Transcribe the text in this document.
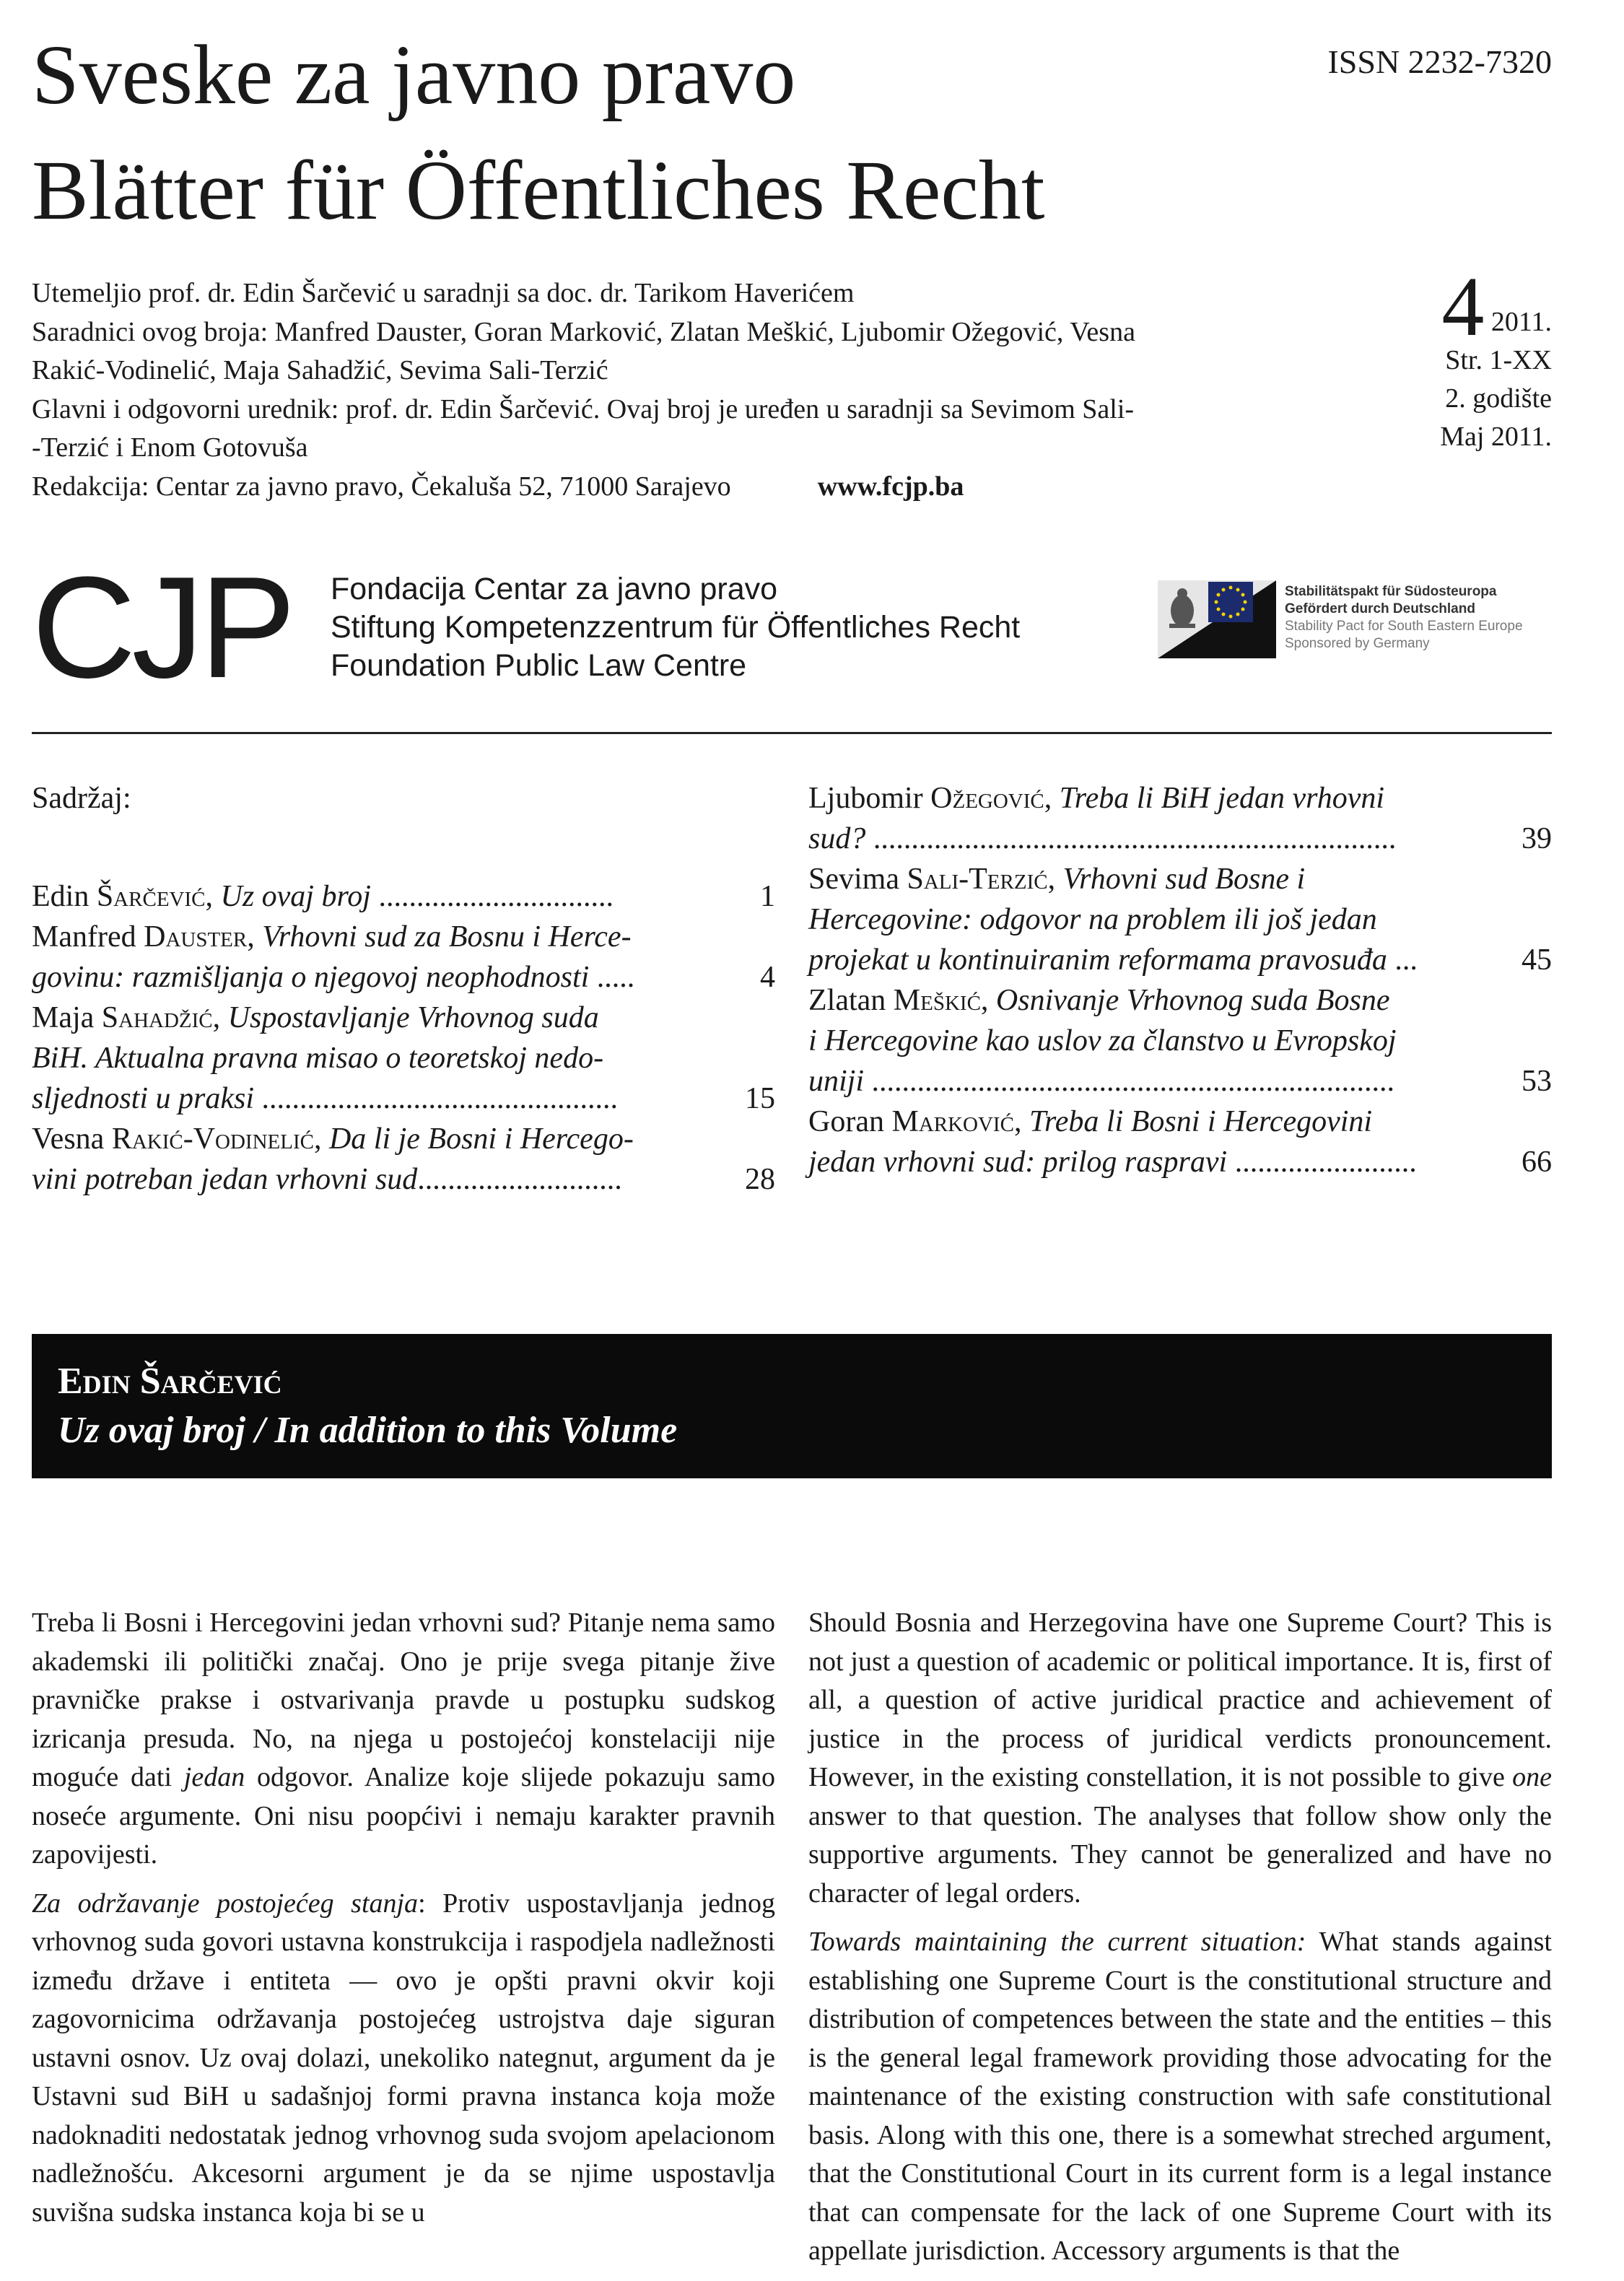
Sveske za javno pravo
Blätter für Öffentliches Recht
ISSN 2232-7320
Utemeljio prof. dr. Edin Šarčević u saradnji sa doc. dr. Tarikom Haverićem
Saradnici ovog broja: Manfred Dauster, Goran Marković, Zlatan Meškić, Ljubomir Ožegović, Vesna
Rakić-Vodinelić, Maja Sahadžić, Sevima Sali-Terzić
Glavni i odgovorni urednik: prof. dr. Edin Šarčević. Ovaj broj je uređen u saradnji sa Sevimom Sali-
-Terzić i Enom Gotovuša
Redakcija: Centar za javno pravo, Čekaluša 52, 71000 Sarajevo	www.fcjp.ba
4 2011.
Str. 1-XX
2. godište
Maj 2011.
CJP Fondacija Centar za javno pravo
Stiftung Kompetenzzentrum für Öffentliches Recht
Foundation Public Law Centre
Stabilitätspakt für Südosteuropa
Gefördert durch Deutschland
Stability Pact for South Eastern Europe
Sponsored by Germany
Sadržaj:
Edin Šarčević, Uz ovaj broj ...............................	1
Manfred Dauster, Vrhovni sud za Bosnu i Herce-
govinu: razmišljanja o njegovoj neophodnosti .....	4
Maja Sahadžić, Uspostavljanje Vrhovnog suda
BiH. Aktualna pravna misao o teoretskoj nedo-
sljednosti u praksi ...............................................	15
Vesna Rakić-Vodinelić, Da li je Bosni i Hercego-
vini potreban jedan vrhovni sud...........................	28
Ljubomir Ožegović, Treba li BiH jedan vrhovni
sud? .....................................................................	39
Sevima Sali-Terzić, Vrhovni sud Bosne i
Hercegovine: odgovor na problem ili još jedan
projekat u kontinuiranim reformama pravosuđa ...	45
Zlatan Meškić, Osnivanje Vrhovnog suda Bosne
i Hercegovine kao uslov za članstvo u Evropskoj
uniji .....................................................................	53
Goran Marković, Treba li Bosni i Hercegovini
jedan vrhovni sud: prilog raspravi ........................	66
Edin Šarčević
Uz ovaj broj / In addition to this Volume

Treba li Bosni i Hercegovini jedan vrhovni sud? Pitanje nema samo akademski ili politički značaj. Ono je prije svega pitanje žive pravničke prakse i ostvarivanja pravde u postupku sudskog izricanja presuda. No, na njega u postojećoj konstelaciji nije moguće dati jedan odgovor. Analize koje slijede pokazuju samo noseće argumente. Oni nisu poopćivi i nemaju karakter pravnih zapovijesti.

Za održavanje postojećeg stanja: Protiv uspostavljanja jednog vrhovnog suda govori ustavna konstrukcija i raspodjela nadležnosti između države i entiteta — ovo je opšti pravni okvir koji zagovornicima održavanja postojećeg ustrojstva daje siguran ustavni osnov. Uz ovaj dolazi, unekoliko nategnut, argument da je Ustavni sud BiH u sadašnjoj formi pravna instanca koja može nadoknaditi nedostatak jednog vrhovnog suda svojom apelacionom nadležnošću. Akcesorni argument je da se njime uspostavlja suvišna sudska instanca koja bi se u

Should Bosnia and Herzegovina have one Supreme Court? This is not just a question of academic or political importance. It is, first of all, a question of active juridical practice and achievement of justice in the process of juridical verdicts pronouncement. However, in the existing constellation, it is not possible to give one answer to that question. The analyses that follow show only the supportive arguments. They cannot be generalized and have no character of legal orders.

Towards maintaining the current situation: What stands against establishing one Supreme Court is the constitutional structure and distribution of competences between the state and the entities – this is the general legal framework providing those advocating for the maintenance of the existing construction with safe constitutional basis. Along with this one, there is a somewhat streched argument, that the Constitutional Court in its current form is a legal instance that can compensate for the lack of one Supreme Court with its appellate jurisdiction. Accessory arguments is that the
